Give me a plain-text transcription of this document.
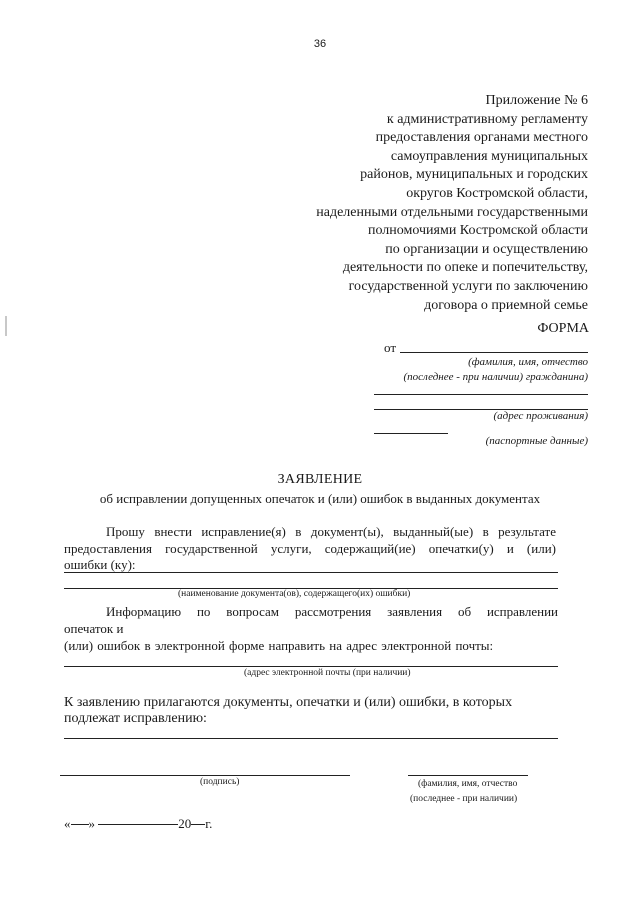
36
Приложение № 6
к административному регламенту
предоставления органами местного
самоуправления муниципальных
районов, муниципальных и городских
округов Костромской области,
наделенными отдельными государственными
полномочиями Костромской области
по организации и осуществлению
деятельности по опеке и попечительству,
государственной услуги по заключению
договора о приемной семье
ФОРМА
от
(фамилия, имя, отчество
(последнее - при наличии) гражданина)
(адрес проживания)
(паспортные данные)
ЗАЯВЛЕНИЕ
об исправлении допущенных опечаток и (или) ошибок в выданных документах
Прошу внести исправление(я) в документ(ы), выданный(ые) в результате
предоставления государственной услуги, содержащий(ие) опечатки(у) и (или)
ошибки (ку):
(наименование документа(ов), содержащего(их) ошибки)
Информацию по вопросам рассмотрения заявления об исправлении
опечаток и
(или) ошибок в электронной форме направить на адрес электронной почты:
(адрес электронной почты (при наличии)
К заявлению прилагаются документы, опечатки и (или) ошибки, в которых
подлежат исправлению:
(подпись)	(фамилия, имя, отчество
(последнее - при наличии)
« »	20 г.
